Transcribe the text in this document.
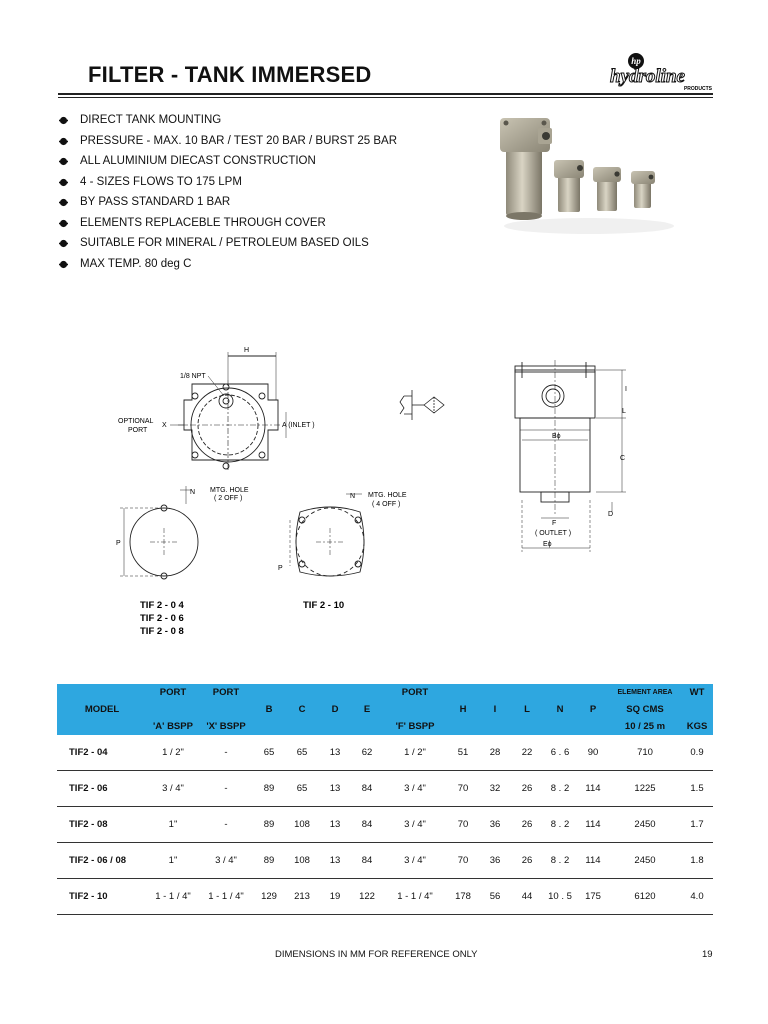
FILTER - TANK IMMERSED
hp
hydroline
PRODUCTS
DIRECT TANK MOUNTING
PRESSURE - MAX. 10 BAR / TEST 20 BAR / BURST 25 BAR
ALL ALUMINIUM DIECAST CONSTRUCTION
4 - SIZES FLOWS TO 175 LPM
BY PASS STANDARD 1 BAR
ELEMENTS REPLACEBLE THROUGH COVER
SUITABLE FOR MINERAL / PETROLEUM BASED OILS
MAX TEMP. 80 deg C
H
1/8 NPT
OPTIONAL
PORT
X	A (INLET )
Bϕ
C
D
I
L
F
( OUTLET )
Eϕ
N MTG. HOLE
( 2 OFF )
P
N MTG. HOLE
( 4 OFF )
P
TIF 2 - 0 4
TIF 2 - 0 6
TIF 2 - 0 8
TIF 2 - 10
	PORT	PORT					PORT						ELEMENT AREA	WT
MODEL			B	C	D	E		H	I	L	N	P	SQ CMS	
	'A' BSPP	'X' BSPP					'F' BSPP						10 / 25 m	KGS
TIF2 - 04	1 / 2"	-	65	65	13	62	1 / 2"	51	28	22	6 . 6	90	710	0.9
TIF2 - 06	3 / 4"	-	89	65	13	84	3 / 4"	70	32	26	8 . 2	114	1225	1.5
TIF2 - 08	1"	-	89	108	13	84	3 / 4"	70	36	26	8 . 2	114	2450	1.7
TIF2 - 06 / 08	1"	3 / 4"	89	108	13	84	3 / 4"	70	36	26	8 . 2	114	2450	1.8
TIF2 - 10	1 - 1 / 4"	1 - 1 / 4"	129	213	19	122	1 - 1 / 4"	178	56	44	10 . 5	175	6120	4.0
DIMENSIONS IN MM FOR REFERENCE ONLY	19
